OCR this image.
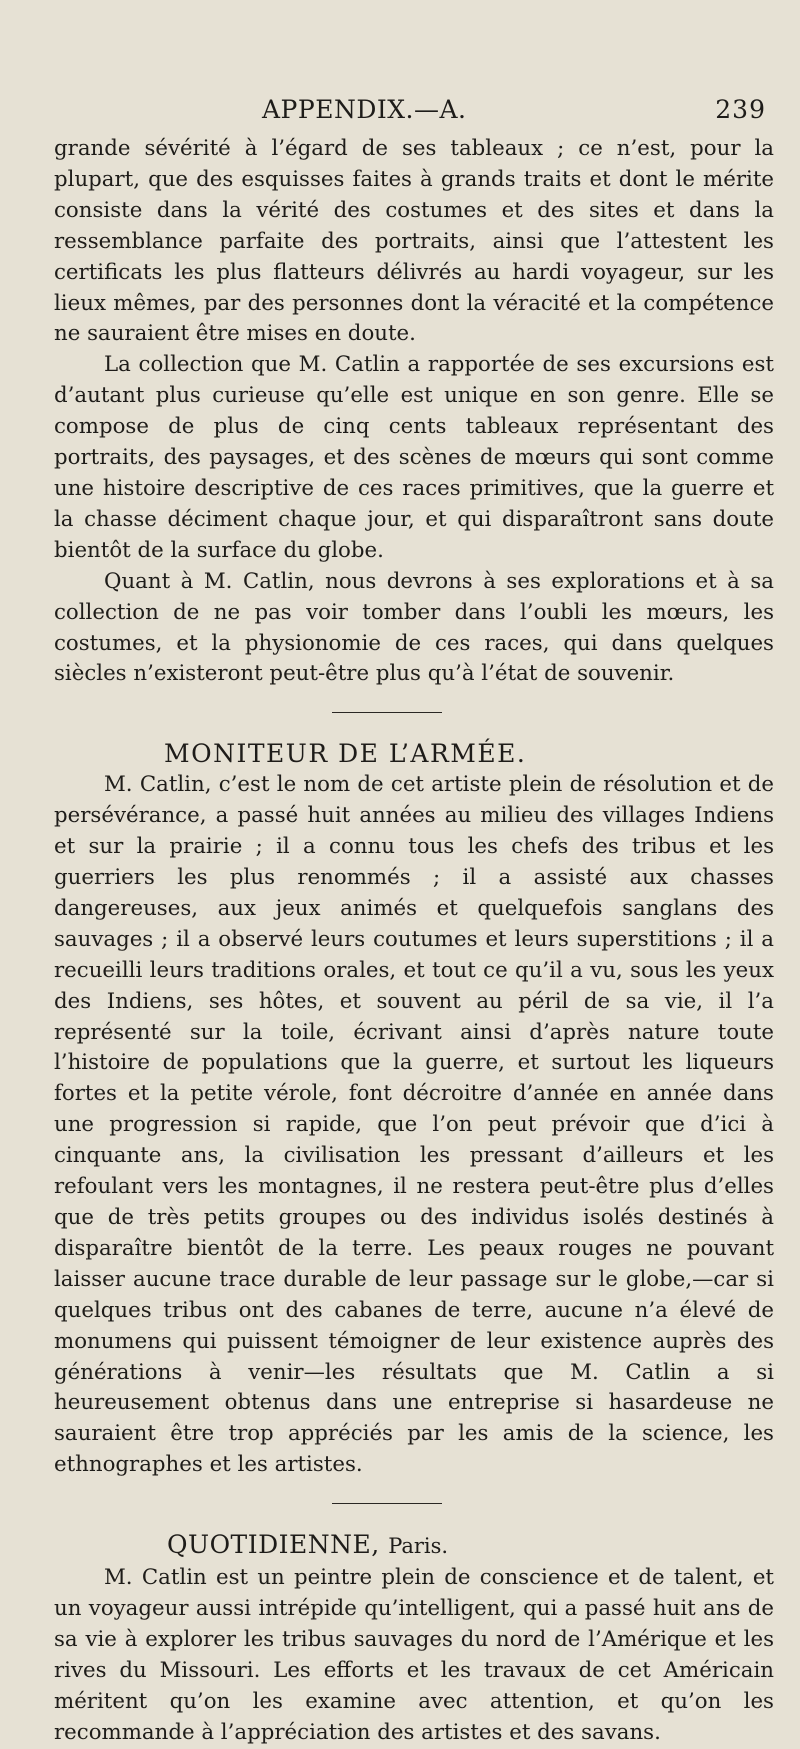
APPENDIX.—A.	239

grande sévérité à l’égard de ses tableaux ; ce n’est, pour la plupart, que des esquisses faites à grands traits et dont le mérite consiste dans la vérité des costumes et des sites et dans la ressemblance parfaite des portraits, ainsi que l’attestent les certificats les plus flatteurs délivrés au hardi voyageur, sur les lieux mêmes, par des personnes dont la véracité et la compétence ne sauraient être mises en doute.

La collection que M. Catlin a rapportée de ses excursions est d’autant plus curieuse qu’elle est unique en son genre. Elle se compose de plus de cinq cents tableaux représentant des portraits, des paysages, et des scènes de mœurs qui sont comme une histoire descriptive de ces races primitives, que la guerre et la chasse déciment chaque jour, et qui disparaîtront sans doute bientôt de la surface du globe.

Quant à M. Catlin, nous devrons à ses explorations et à sa collection de ne pas voir tomber dans l’oubli les mœurs, les costumes, et la physionomie de ces races, qui dans quelques siècles n’existeront peut-être plus qu’à l’état de souvenir.

MONITEUR DE L’ARMÉE.

M. Catlin, c’est le nom de cet artiste plein de résolution et de persévérance, a passé huit années au milieu des villages Indiens et sur la prairie ; il a connu tous les chefs des tribus et les guerriers les plus renommés ; il a assisté aux chasses dangereuses, aux jeux animés et quelquefois sanglans des sauvages ; il a observé leurs coutumes et leurs superstitions ; il a recueilli leurs traditions orales, et tout ce qu’il a vu, sous les yeux des Indiens, ses hôtes, et souvent au péril de sa vie, il l’a représenté sur la toile, écrivant ainsi d’après nature toute l’histoire de populations que la guerre, et surtout les liqueurs fortes et la petite vérole, font décroitre d’année en année dans une progression si rapide, que l’on peut prévoir que d’ici à cinquante ans, la civilisation les pressant d’ailleurs et les refoulant vers les montagnes, il ne restera peut-être plus d’elles que de très petits groupes ou des individus isolés destinés à disparaître bientôt de la terre. Les peaux rouges ne pouvant laisser aucune trace durable de leur passage sur le globe,—car si quelques tribus ont des cabanes de terre, aucune n’a élevé de monumens qui puissent témoigner de leur existence auprès des générations à venir—les résultats que M. Catlin a si heureusement obtenus dans une entreprise si hasardeuse ne sauraient être trop appréciés par les amis de la science, les ethnographes et les artistes.

QUOTIDIENNE, Paris.

M. Catlin est un peintre plein de conscience et de talent, et un voyageur aussi intrépide qu’intelligent, qui a passé huit ans de sa vie à explorer les tribus sauvages du nord de l’Amérique et les rives du Missouri. Les efforts et les travaux de cet Américain méritent qu’on les examine avec attention, et qu’on les recommande à l’appréciation des artistes et des savans.
